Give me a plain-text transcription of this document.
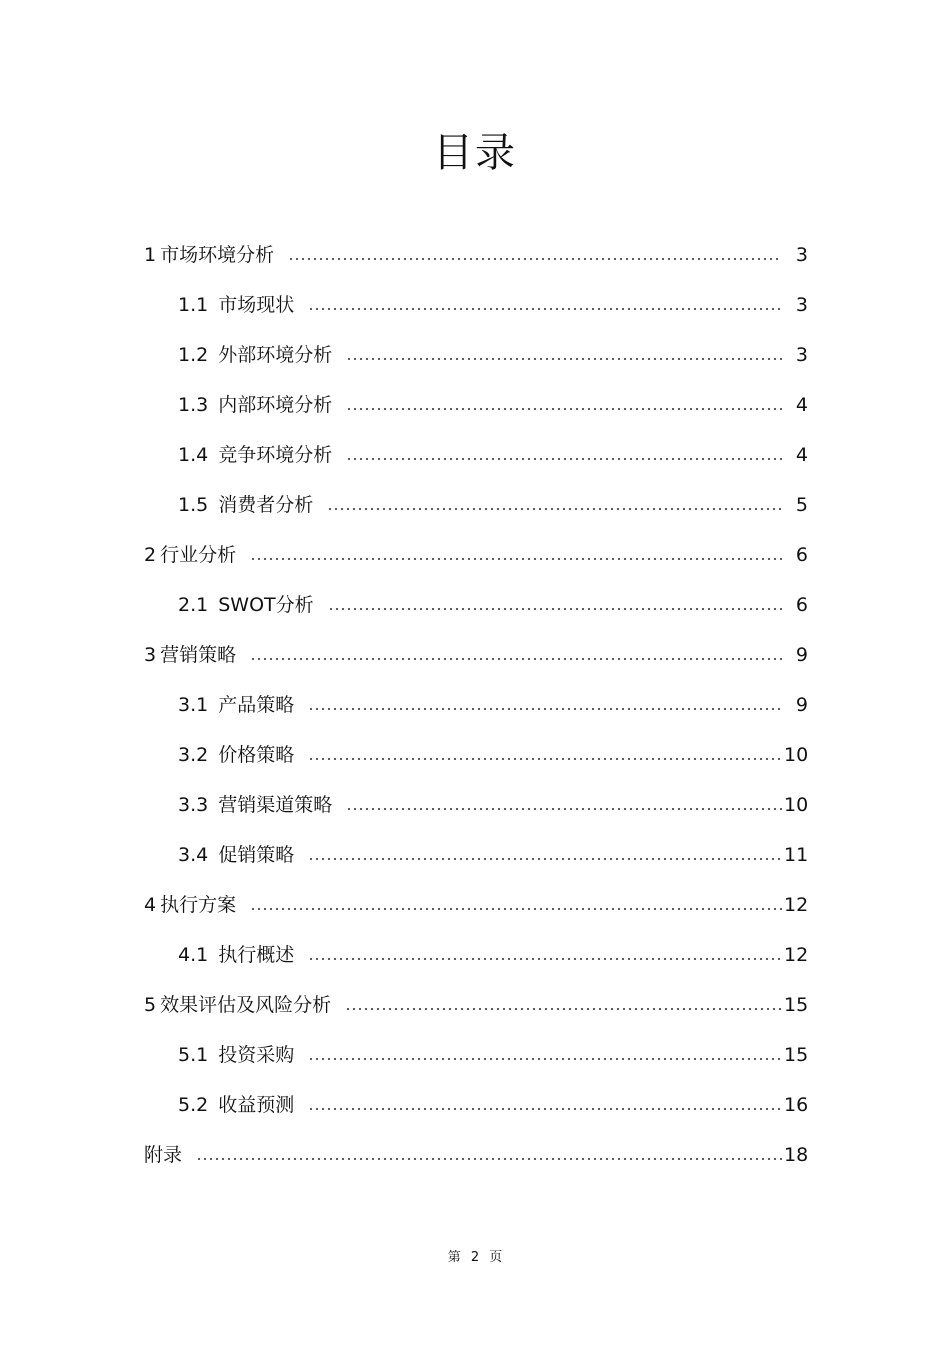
目录
1 市场环境分析	3
1.1 市场现状	3
1.2 外部环境分析	3
1.3 内部环境分析	4
1.4 竞争环境分析	4
1.5 消费者分析	5
2 行业分析	6
2.1 SWOT分析	6
3 营销策略	9
3.1 产品策略	9
3.2 价格策略	10
3.3 营销渠道策略	10
3.4 促销策略	11
4 执行方案	12
4.1 执行概述	12
5 效果评估及风险分析	15
5.1 投资采购	15
5.2 收益预测	16
附录	18
第 2 页
